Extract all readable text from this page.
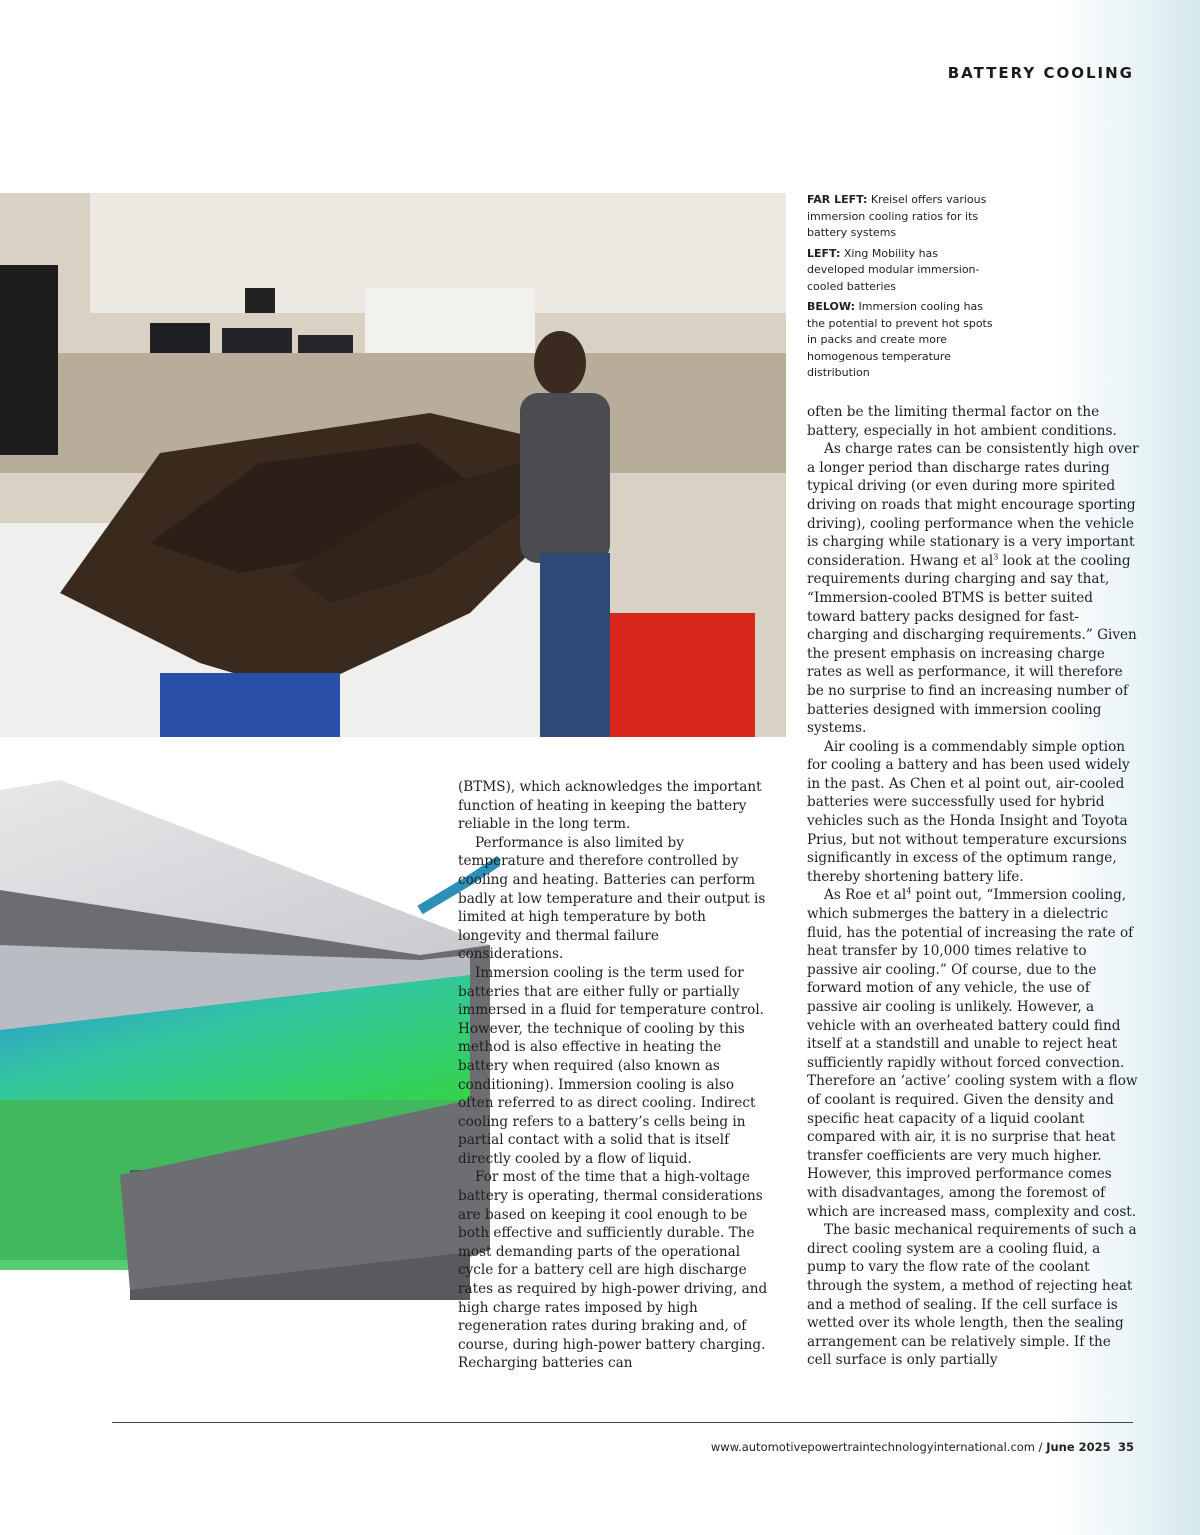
BATTERY COOLING

FAR LEFT: Kreisel offers various immersion cooling ratios for its battery systems

LEFT: Xing Mobility has developed modular immersion-cooled batteries

BELOW: Immersion cooling has the potential to prevent hot spots in packs and create more homogenous temperature distribution

(BTMS), which acknowledges the important function of heating in keeping the battery reliable in the long term.

Performance is also limited by temperature and therefore controlled by cooling and heating. Batteries can perform badly at low temperature and their output is limited at high temperature by both longevity and thermal failure considerations.

Immersion cooling is the term used for batteries that are either fully or partially immersed in a fluid for temperature control. However, the technique of cooling by this method is also effective in heating the battery when required (also known as conditioning). Immersion cooling is also often referred to as direct cooling. Indirect cooling refers to a battery’s cells being in partial contact with a solid that is itself directly cooled by a flow of liquid.

For most of the time that a high-voltage battery is operating, thermal considerations are based on keeping it cool enough to be both effective and sufficiently durable. The most demanding parts of the operational cycle for a battery cell are high discharge rates as required by high-power driving, and high charge rates imposed by high regeneration rates during braking and, of course, during high-power battery charging. Recharging batteries can

often be the limiting thermal factor on the battery, especially in hot ambient conditions.

As charge rates can be consistently high over a longer period than discharge rates during typical driving (or even during more spirited driving on roads that might encourage sporting driving), cooling performance when the vehicle is charging while stationary is a very important consideration. Hwang et $al^3$ look at the cooling requirements during charging and say that, “Immersion-cooled BTMS is better suited toward battery packs designed for fast-charging and discharging requirements.” Given the present emphasis on increasing charge rates as well as performance, it will therefore be no surprise to find an increasing number of batteries designed with immersion cooling systems.

Air cooling is a commendably simple option for cooling a battery and has been used widely in the past. As Chen et al point out, air-cooled batteries were successfully used for hybrid vehicles such as the Honda Insight and Toyota Prius, but not without temperature excursions significantly in excess of the optimum range, thereby shortening battery life.

As Roe et $al^4$ point out, “Immersion cooling, which submerges the battery in a dielectric fluid, has the potential of increasing the rate of heat transfer by 10,000 times relative to passive air cooling.” Of course, due to the forward motion of any vehicle, the use of passive air cooling is unlikely. However, a vehicle with an overheated battery could find itself at a standstill and unable to reject heat sufficiently rapidly without forced convection. Therefore an ‘active’ cooling system with a flow of coolant is required. Given the density and specific heat capacity of a liquid coolant compared with air, it is no surprise that heat transfer coefficients are very much higher. However, this improved performance comes with disadvantages, among the foremost of which are increased mass, complexity and cost.

The basic mechanical requirements of such a direct cooling system are a cooling fluid, a pump to vary the flow rate of the coolant through the system, a method of rejecting heat and a method of sealing. If the cell surface is wetted over its whole length, then the sealing arrangement can be relatively simple. If the cell surface is only partially

www.automotivepowertraintechnologyinternational.com / June 2025 35
